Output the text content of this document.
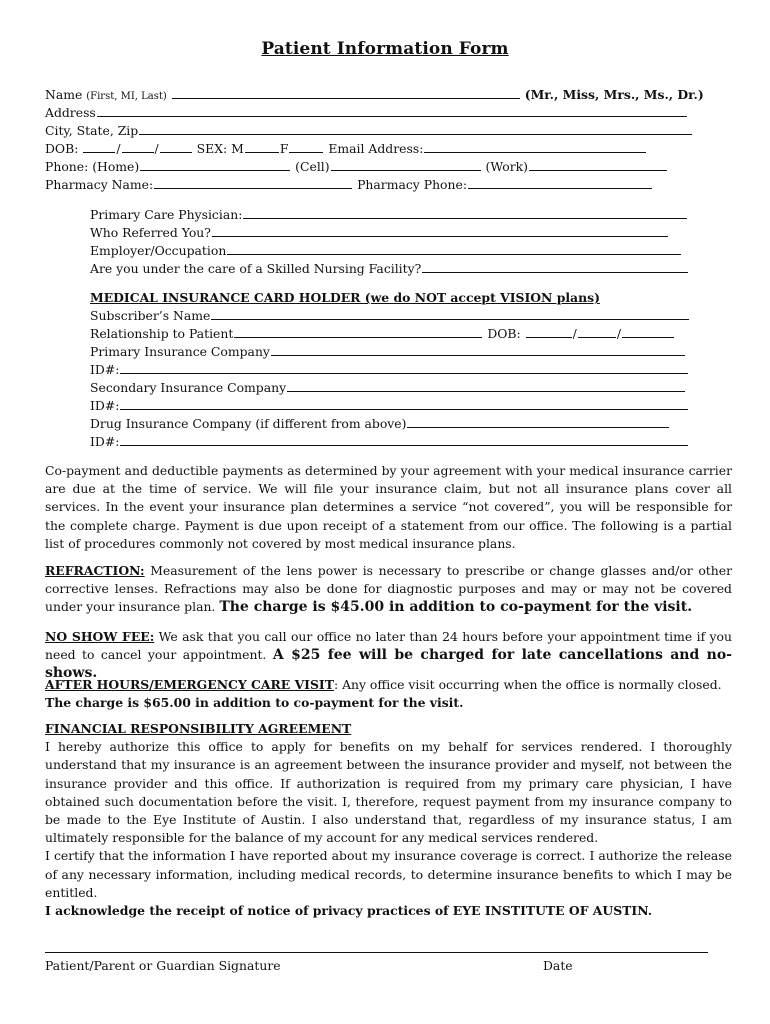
Patient Information Form
Name (First, MI, Last)	(Mr., Miss, Mrs., Ms., Dr.)
Address
City, State, Zip
DOB:	/	/	SEX: M	F	Email Address:
Phone: (Home)	(Cell)	(Work)
Pharmacy Name:	Pharmacy Phone:
Primary Care Physician:
Who Referred You?
Employer/Occupation
Are you under the care of a Skilled Nursing Facility?
MEDICAL INSURANCE CARD HOLDER (we do NOT accept VISION plans)
Subscriber’s Name
Relationship to Patient	DOB:	/	/
Primary Insurance Company
ID#:
Secondary Insurance Company
ID#:
Drug Insurance Company (if different from above)
ID#:
Co-payment and deductible payments as determined by your agreement with your medical insurance carrier are due at the time of service. We will file your insurance claim, but not all insurance plans cover all services. In the event your insurance plan determines a service “not covered”, you will be responsible for the complete charge. Payment is due upon receipt of a statement from our office. The following is a partial list of procedures commonly not covered by most medical insurance plans.
REFRACTION: Measurement of the lens power is necessary to prescribe or change glasses and/or other corrective lenses. Refractions may also be done for diagnostic purposes and may or may not be covered under your insurance plan. The charge is $45.00 in addition to co-payment for the visit.
NO SHOW FEE: We ask that you call our office no later than 24 hours before your appointment time if you need to cancel your appointment. A $25 fee will be charged for late cancellations and no-shows.
AFTER HOURS/EMERGENCY CARE VISIT: Any office visit occurring when the office is normally closed.
The charge is $65.00 in addition to co-payment for the visit.

FINANCIAL RESPONSIBILITY AGREEMENT

I hereby authorize this office to apply for benefits on my behalf for services rendered. I thoroughly understand that my insurance is an agreement between the insurance provider and myself, not between the insurance provider and this office. If authorization is required from my primary care physician, I have obtained such documentation before the visit. I, therefore, request payment from my insurance company to be made to the Eye Institute of Austin. I also understand that, regardless of my insurance status, I am ultimately responsible for the balance of my account for any medical services rendered.

I certify that the information I have reported about my insurance coverage is correct. I authorize the release of any necessary information, including medical records, to determine insurance benefits to which I may be entitled.

I acknowledge the receipt of notice of privacy practices of EYE INSTITUTE OF AUSTIN.

Patient/Parent or Guardian Signature	Date
